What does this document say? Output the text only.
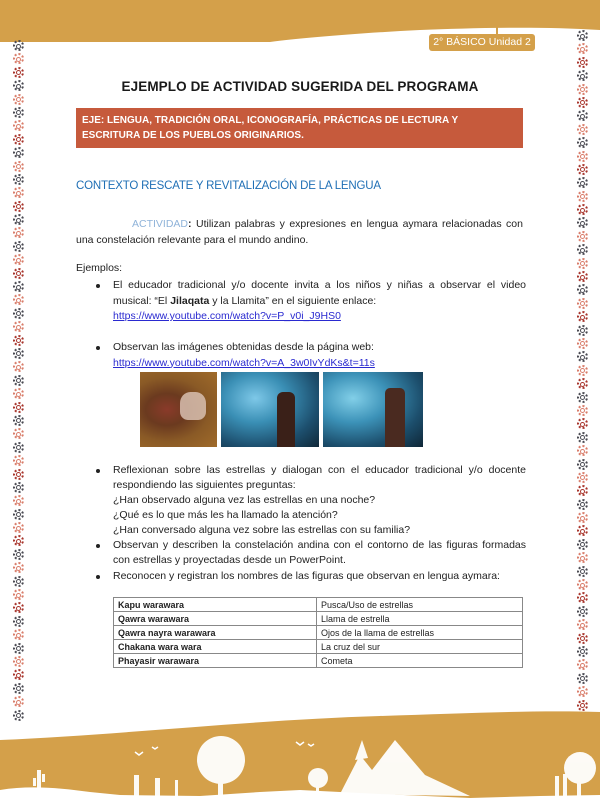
2° BÁSICO Unidad 2
EJEMPLO DE ACTIVIDAD SUGERIDA DEL PROGRAMA
EJE: LENGUA, TRADICIÓN ORAL, ICONOGRAFÍA, PRÁCTICAS DE LECTURA Y ESCRITURA DE LOS PUEBLOS ORIGINARIOS.
CONTEXTO RESCATE Y REVITALIZACIÓN DE LA LENGUA
ACTIVIDAD: Utilizan palabras y expresiones en lengua aymara relacionadas con una constelación relevante para el mundo andino.
Ejemplos:
El educador tradicional y/o docente invita a los niños y niñas a observar el video musical: “El Jilaqata y la Llamita” en el siguiente enlace:
https://www.youtube.com/watch?v=P_v0i_J9HS0
Observan las imágenes obtenidas desde la página web:
https://www.youtube.com/watch?v=A_3w0IvYdKs&t=11s
Reflexionan sobre las estrellas y dialogan con el educador tradicional y/o docente respondiendo las siguientes preguntas:
¿Han observado alguna vez las estrellas en una noche?
¿Qué es lo que más les ha llamado la atención?
¿Han conversado alguna vez sobre las estrellas con su familia?
Observan y describen la constelación andina con el contorno de las figuras formadas con estrellas y proyectadas desde un PowerPoint.
Reconocen y registran los nombres de las figuras que observan en lengua aymara:
Kapu warawara	Pusca/Uso de estrellas
Qawra warawara	Llama de estrella
Qawra nayra warawara	Ojos de la llama de estrellas
Chakana wara wara	La cruz del sur
Phayasir warawara	Cometa
